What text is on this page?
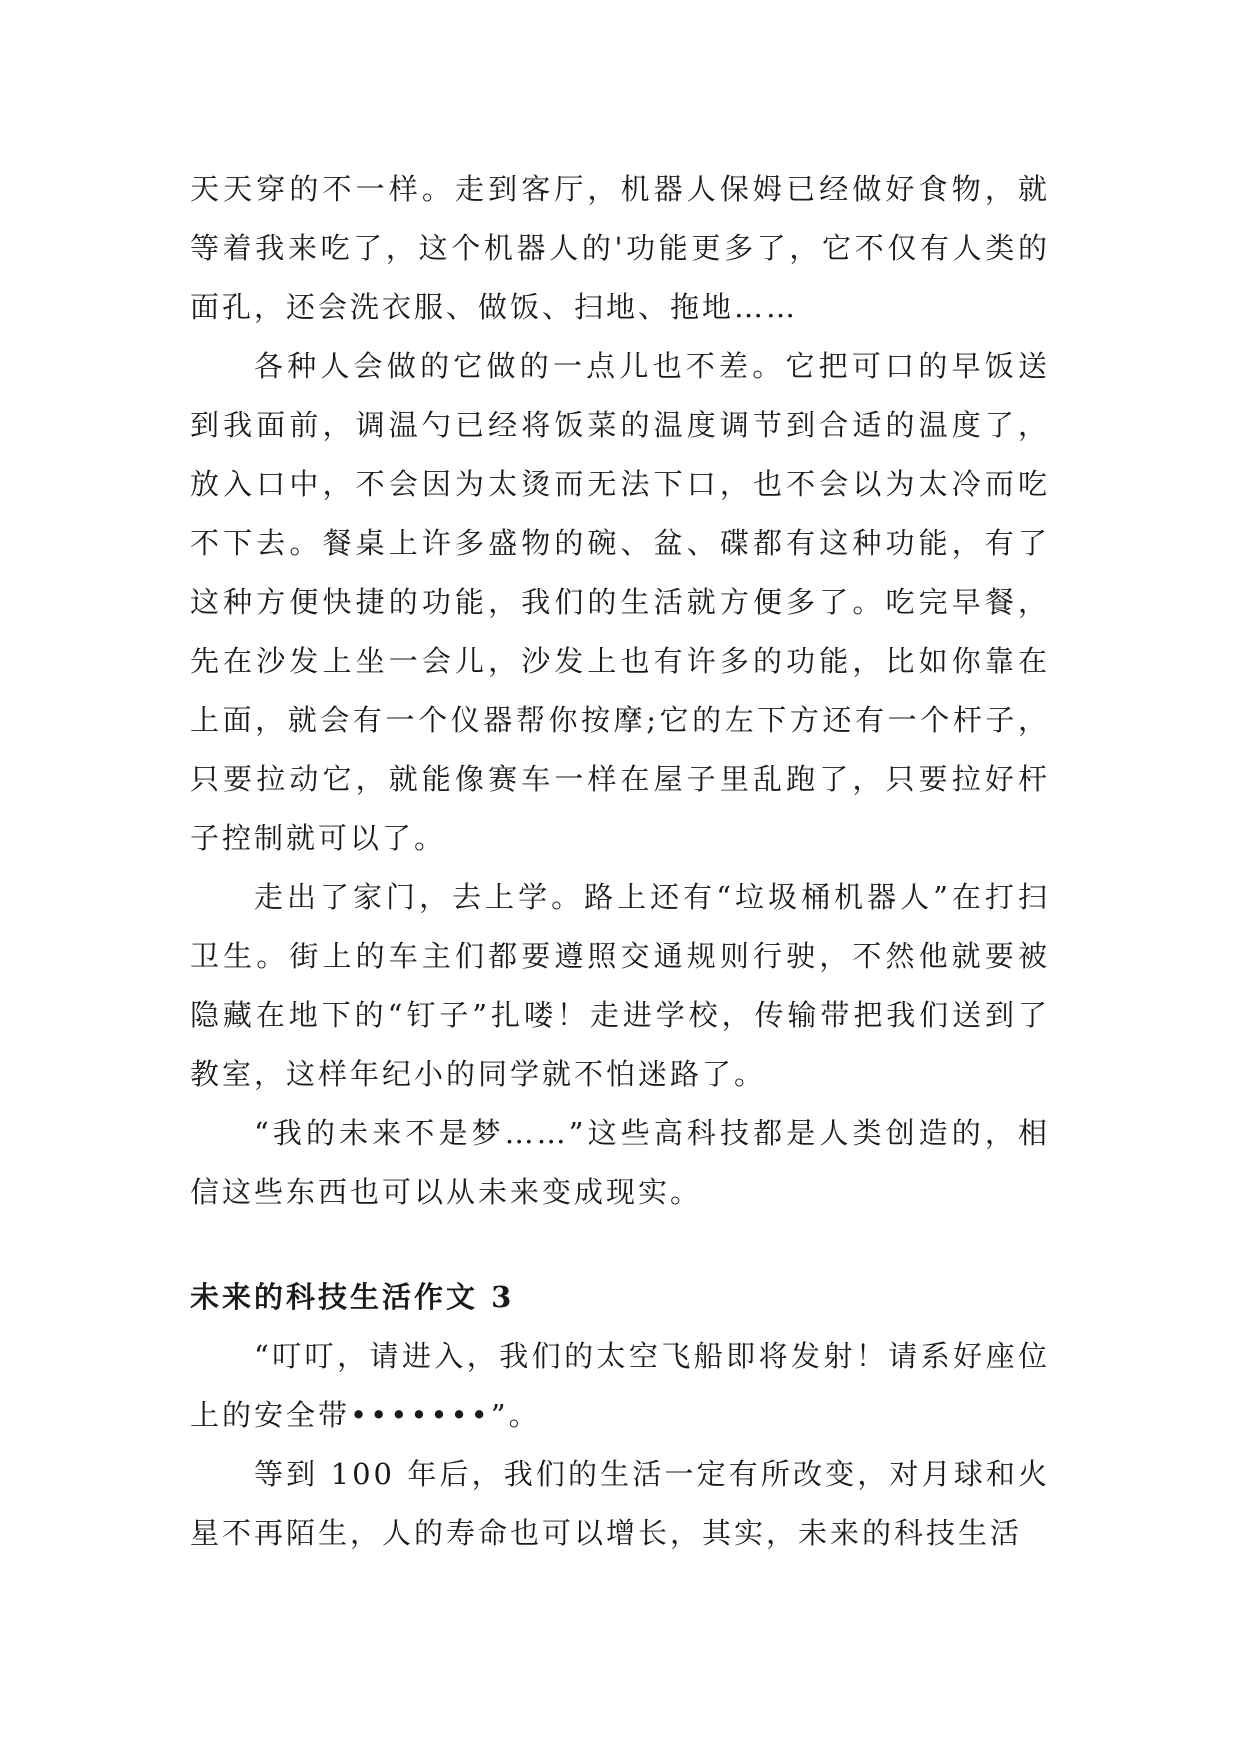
天天穿的不一样。走到客厅，机器人保姆已经做好食物，就等着我来吃了，这个机器人的'功能更多了，它不仅有人类的面孔，还会洗衣服、做饭、扫地、拖地……

各种人会做的它做的一点儿也不差。它把可口的早饭送到我面前，调温勺已经将饭菜的温度调节到合适的温度了，放入口中，不会因为太烫而无法下口，也不会以为太冷而吃不下去。餐桌上许多盛物的碗、盆、碟都有这种功能，有了这种方便快捷的功能，我们的生活就方便多了。吃完早餐，先在沙发上坐一会儿，沙发上也有许多的功能，比如你靠在上面，就会有一个仪器帮你按摩;它的左下方还有一个杆子，只要拉动它，就能像赛车一样在屋子里乱跑了，只要拉好杆子控制就可以了。

走出了家门，去上学。路上还有“垃圾桶机器人”在打扫卫生。街上的车主们都要遵照交通规则行驶，不然他就要被隐藏在地下的“钉子”扎喽！走进学校，传输带把我们送到了教室，这样年纪小的同学就不怕迷路了。

“我的未来不是梦……”这些高科技都是人类创造的，相信这些东西也可以从未来变成现实。

未来的科技生活作文 3

“叮叮，请进入，我们的太空飞船即将发射！请系好座位上的安全带•••••••”。

等到 100 年后，我们的生活一定有所改变，对月球和火星不再陌生，人的寿命也可以增长，其实，未来的科技生活
